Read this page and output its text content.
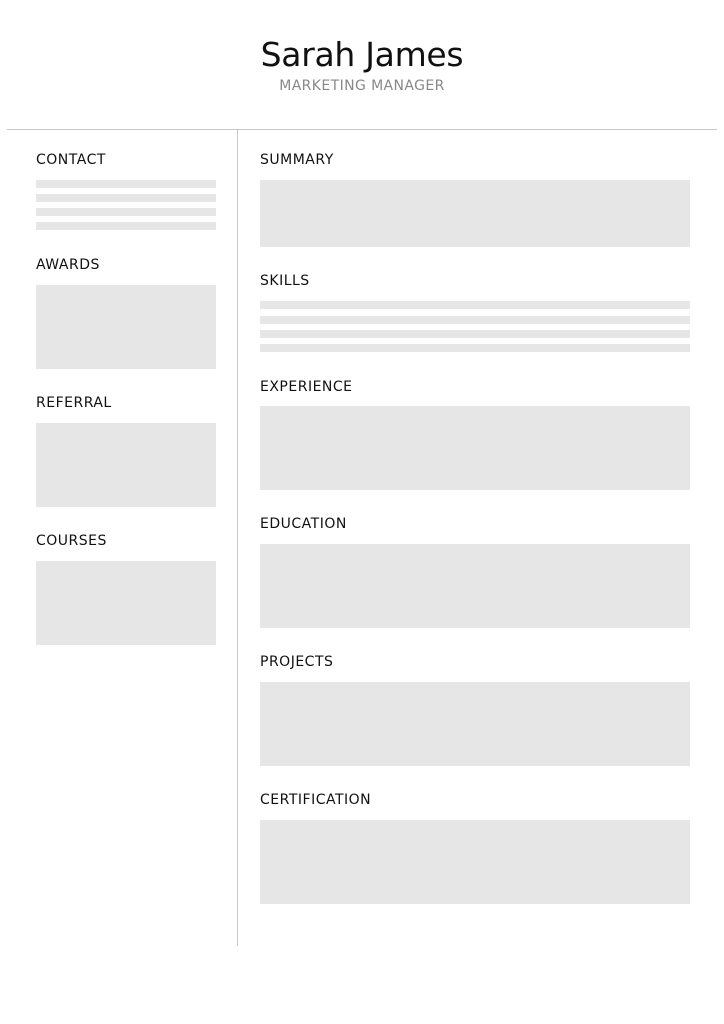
Sarah James
MARKETING MANAGER
CONTACT
AWARDS
REFERRAL
COURSES
SUMMARY
SKILLS
EXPERIENCE
EDUCATION
PROJECTS
CERTIFICATION
